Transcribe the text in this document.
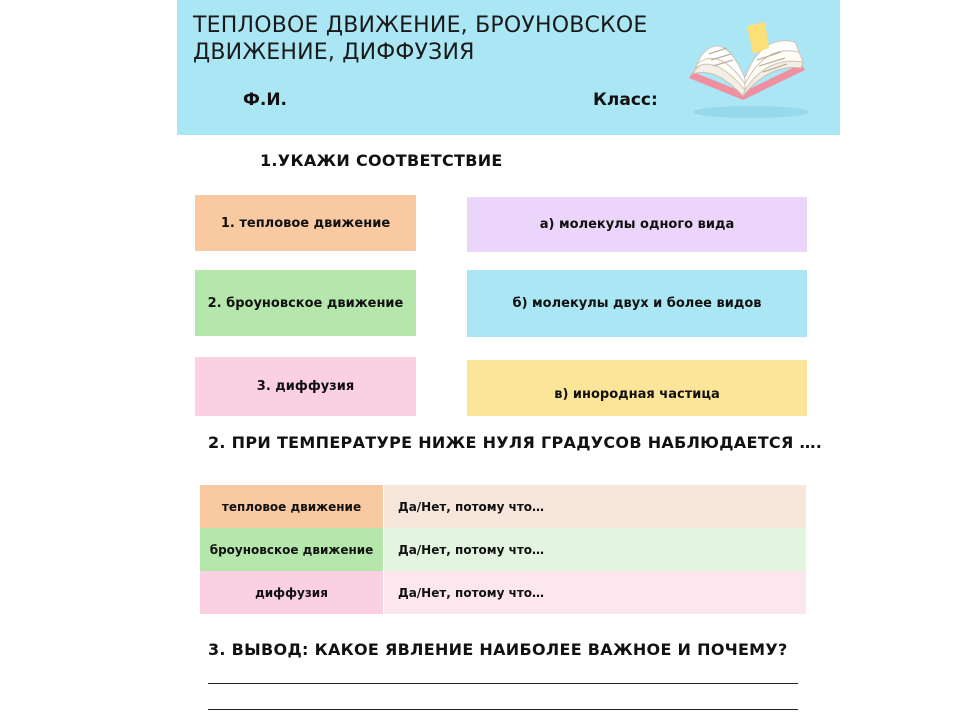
ТЕПЛОВОЕ ДВИЖЕНИЕ, БРОУНОВСКОЕ
ДВИЖЕНИЕ, ДИФФУЗИЯ
Ф.И.	Класс:
1.УКАЖИ СООТВЕТСТВИЕ
1. тепловое движение
2. броуновское движение
3. диффузия
а) молекулы одного вида
б) молекулы двух и более видов
в) инородная частица
2. ПРИ ТЕМПЕРАТУРЕ НИЖЕ НУЛЯ ГРАДУСОВ НАБЛЮДАЕТСЯ ….
тепловое движение	Да/Нет, потому что…
броуновское движение	Да/Нет, потому что…
диффузия	Да/Нет, потому что…
3. ВЫВОД: КАКОЕ ЯВЛЕНИЕ НАИБОЛЕЕ ВАЖНОЕ И ПОЧЕМУ?
